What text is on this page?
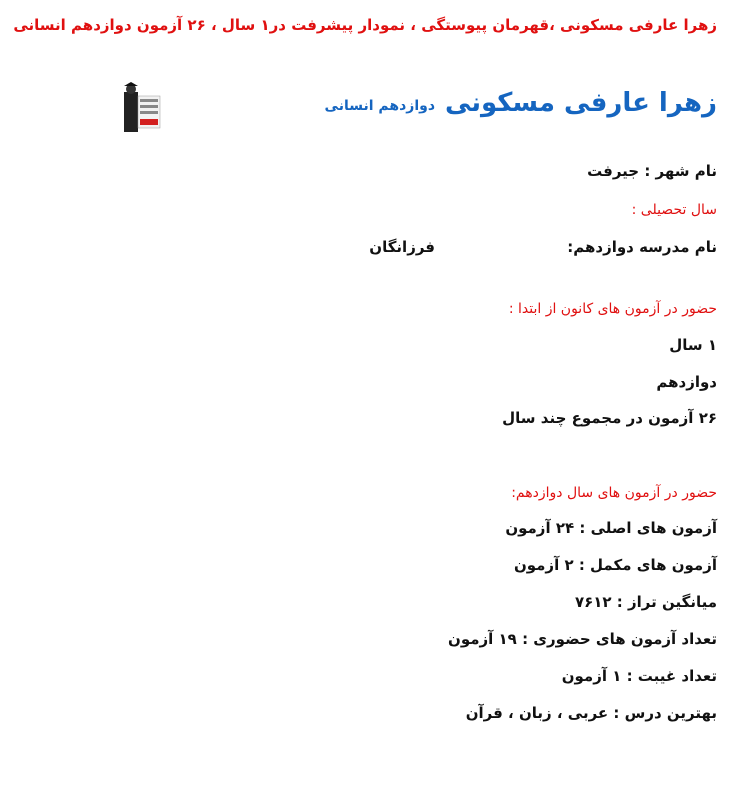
زهرا عارفی مسکونی ،قهرمان پیوستگی ، نمودار پیشرفت در۱ سال ، ۲۶ آزمون دوازدهم انسانی
زهرا عارفی مسکونی
دوازدهم انسانی
نام شهر : جیرفت
سال تحصیلی :
نام مدرسه دوازدهم:
فرزانگان
حضور در آزمون های کانون از ابتدا :
۱ سال
دوازدهم
۲۶ آزمون در مجموع چند سال
حضور در آزمون های سال دوازدهم:
آزمون های اصلی : ۲۴ آزمون
آزمون های مکمل : ۲ آزمون
میانگین تراز : ۷۶۱۲
تعداد آزمون های حضوری : ۱۹ آزمون
تعداد غیبت : ۱ آزمون
بهترین درس : عربی ، زبان ، قرآن
